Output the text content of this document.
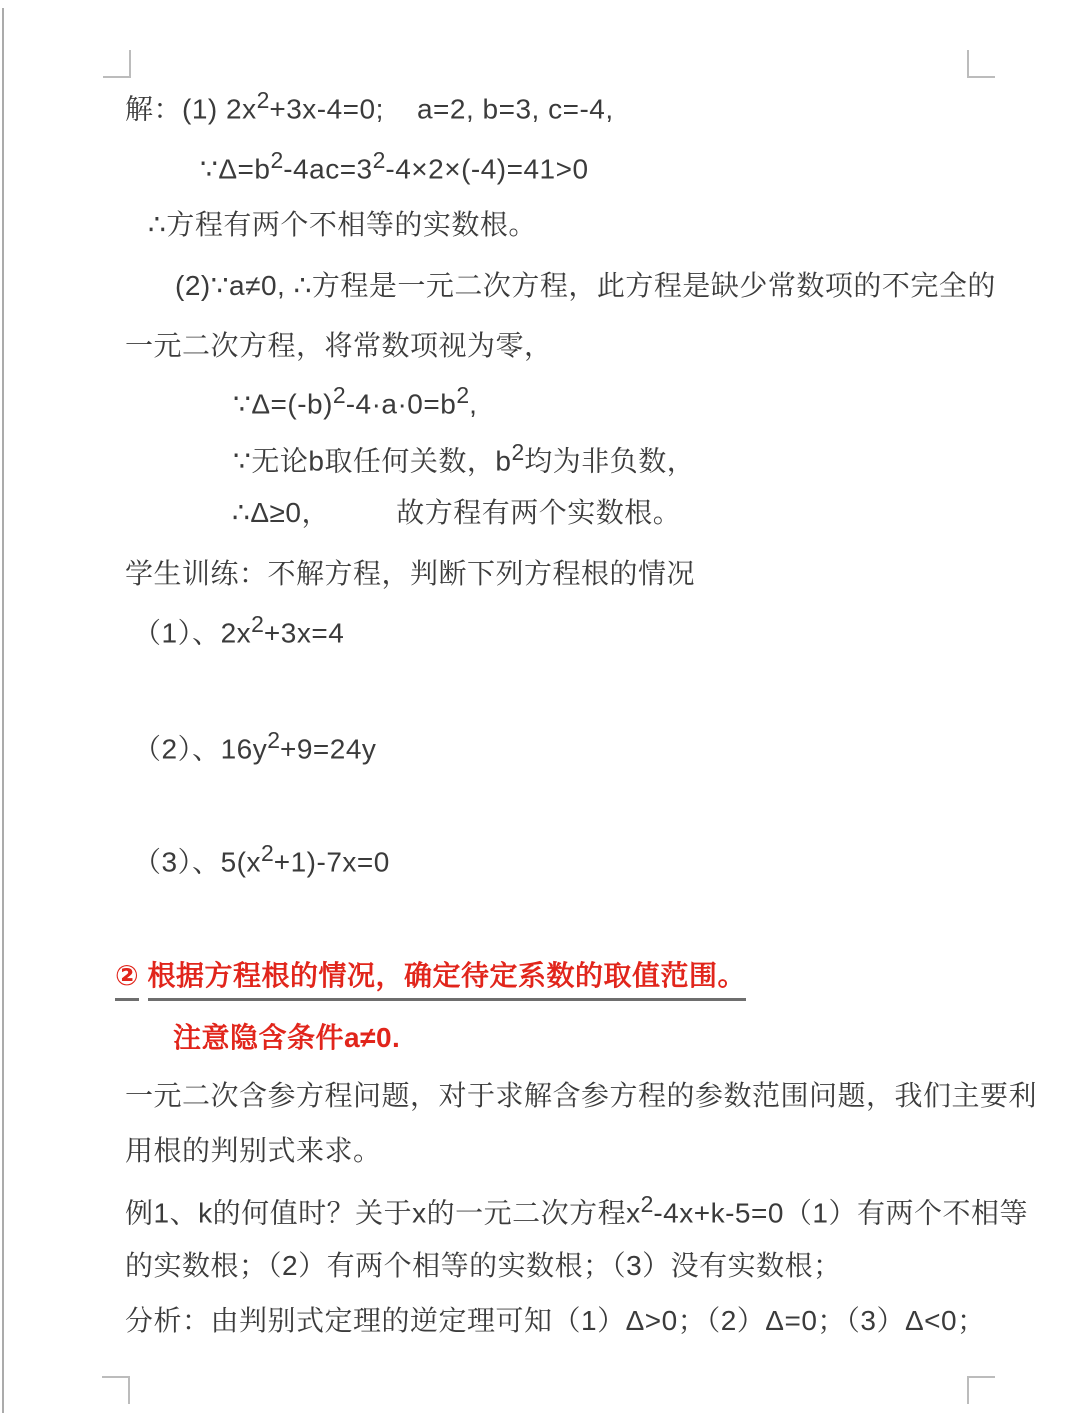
解：(1) $2x^2+3x-4=0$;    a=2, b=3, c=-4,
$\because\Delta=b^2-4ac=3^2-4\times 2\times(-4)=41>0$
∴方程有两个不相等的实数根。
(2)∵a≠0, ∴方程是一元二次方程，此方程是缺少常数项的不完全的
一元二次方程，将常数项视为零，
$\because\Delta=(-b)^2-4\cdot a\cdot 0=b^2$,
∵无论b取任何关数，$b^2$均为非负数，
∴Δ≥0，        故方程有两个实数根。
学生训练：不解方程，判断下列方程根的情况
（1）、$2x^2+3x=4$
（2）、$16y^2+9=24y$
（3）、$5(x^2+1)-7x=0$
② 根据方程根的情况，确定待定系数的取值范围。
注意隐含条件a≠0.
一元二次含参方程问题，对于求解含参方程的参数范围问题，我们主要利
用根的判别式来求。
例1、k的何值时？关于x的一元二次方程$x^2-4x+k-5=0(1)$有两个不相等
的实数根；（2）有两个相等的实数根；（3）没有实数根；
分析：由判别式定理的逆定理可知（1）Δ>0；（2）Δ=0；（3）Δ<0；
